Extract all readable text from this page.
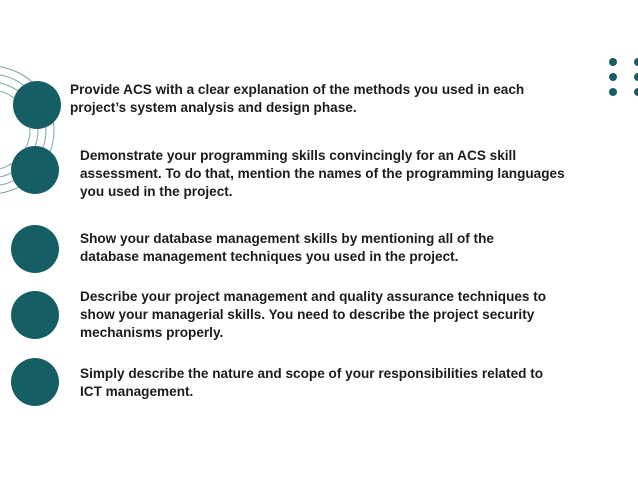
Provide ACS with a clear explanation of the methods you used in each
project’s system analysis and design phase.

Demonstrate your programming skills convincingly for an ACS skill
assessment. To do that, mention the names of the programming languages
you used in the project.

Show your database management skills by mentioning all of the
database management techniques you used in the project.

Describe your project management and quality assurance techniques to
show your managerial skills. You need to describe the project security
mechanisms properly.

Simply describe the nature and scope of your responsibilities related to
ICT management.
